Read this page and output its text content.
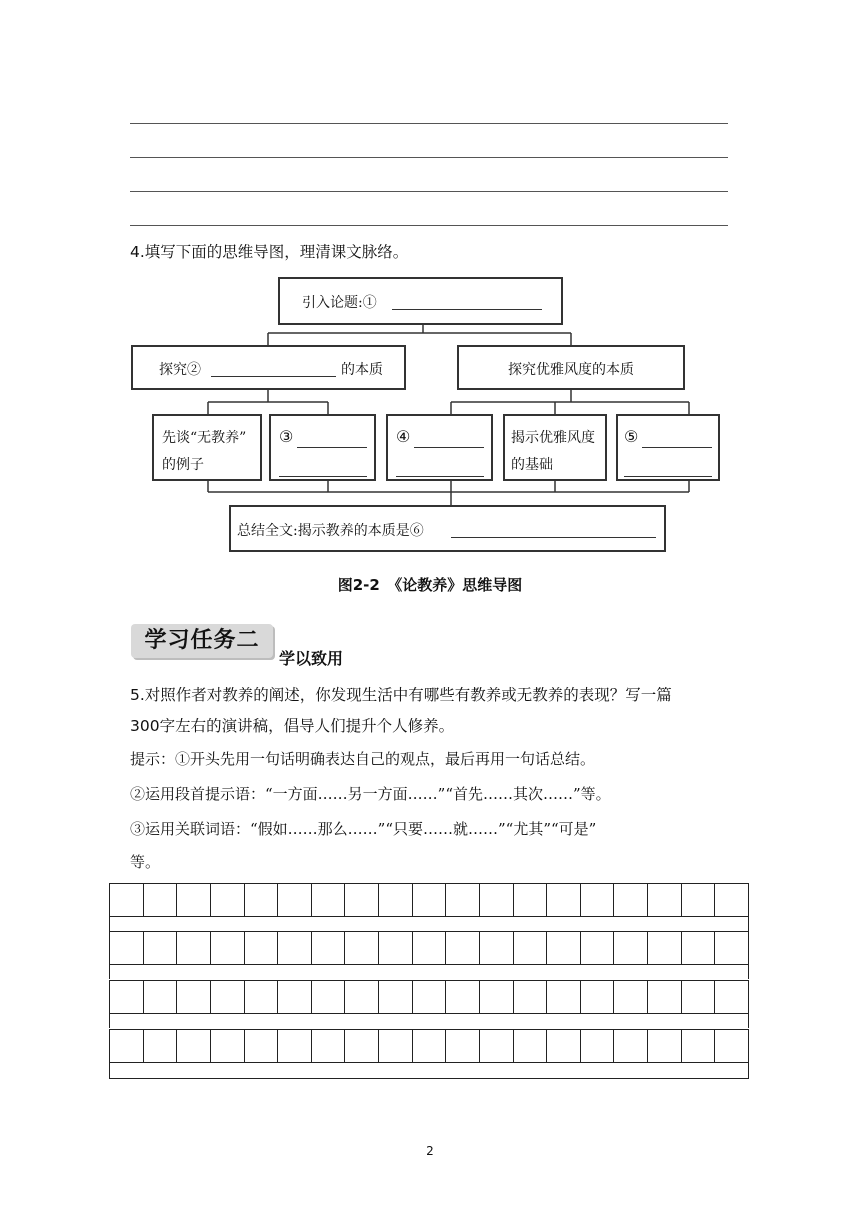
4.填写下面的思维导图，理清课文脉络。
引入论题:①
探究②	的本质	探究优雅风度的本质
先谈“无教养”
的例子
③	④	揭示优雅风度
的基础
⑤
总结全文:揭示教养的本质是⑥
图2-2　《论教养》思维导图
学习任务二
学以致用
5.对照作者对教养的阐述，你发现生活中有哪些有教养或无教养的表现？写一篇
300字左右的演讲稿，倡导人们提升个人修养。
提示：①开头先用一句话明确表达自己的观点，最后再用一句话总结。
②运用段首提示语：“一方面……另一方面……”“首先……其次……”等。
③运用关联词语：“假如……那么……”“只要……就……”“尤其”“可是”
等。
2
